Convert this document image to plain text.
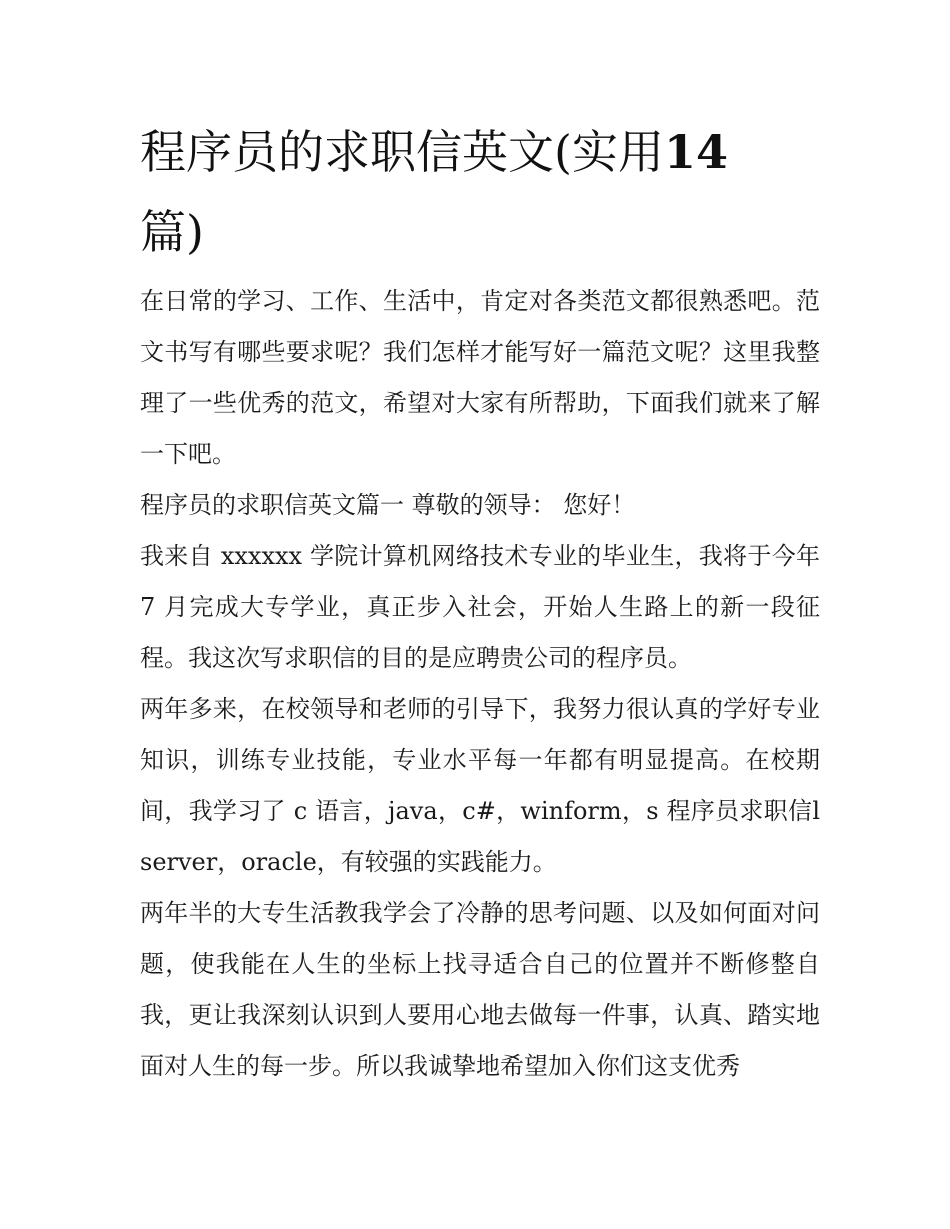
程序员的求职信英文(实用14
篇)

在日常的学习、工作、生活中，肯定对各类范文都很熟悉吧。范文书写有哪些要求呢？我们怎样才能写好一篇范文呢？这里我整理了一些优秀的范文，希望对大家有所帮助，下面我们就来了解一下吧。

程序员的求职信英文篇一 尊敬的领导： 您好！

我来自 xxxxxx 学院计算机网络技术专业的毕业生，我将于今年 7 月完成大专学业，真正步入社会，开始人生路上的新一段征程。我这次写求职信的目的是应聘贵公司的程序员。

两年多来，在校领导和老师的引导下，我努力很认真的学好专业知识，训练专业技能，专业水平每一年都有明显提高。在校期间，我学习了 c 语言，java，c#，winform，s 程序员求职信lserver，oracle，有较强的实践能力。

两年半的大专生活教我学会了冷静的思考问题、以及如何面对问题，使我能在人生的坐标上找寻适合自己的位置并不断修整自我，更让我深刻认识到人要用心地去做每一件事，认真、踏实地面对人生的每一步。所以我诚挚地希望加入你们这支优秀
